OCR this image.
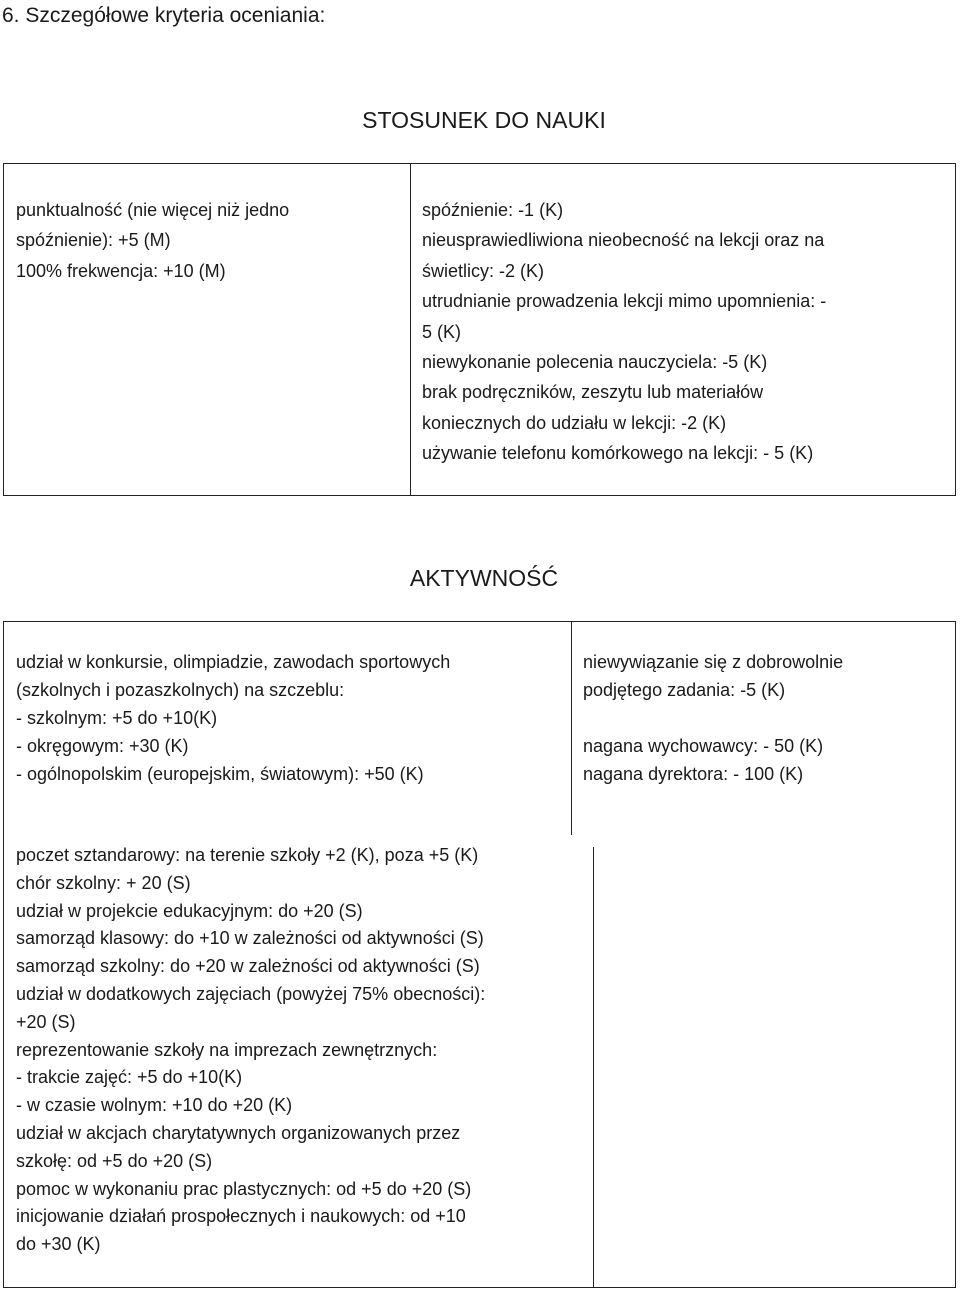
6. Szczegółowe kryteria oceniania:
STOSUNEK DO NAUKI
punktualność (nie więcej niż jedno
spóźnienie): +5 (M)
100% frekwencja: +10 (M)
spóźnienie: -1 (K)
nieusprawiedliwiona nieobecność na lekcji oraz na
świetlicy: -2 (K)
utrudnianie prowadzenia lekcji mimo upomnienia: -
5 (K)
niewykonanie polecenia nauczyciela: -5 (K)
brak podręczników, zeszytu lub materiałów
koniecznych do udziału w lekcji: -2 (K)
używanie telefonu komórkowego na lekcji: - 5 (K)
AKTYWNOŚĆ
udział w konkursie, olimpiadzie, zawodach sportowych
(szkolnych i pozaszkolnych) na szczeblu:
- szkolnym: +5 do +10(K)
- okręgowym: +30 (K)
- ogólnopolskim (europejskim, światowym): +50 (K)
niewywiązanie się z dobrowolnie
podjętego zadania: -5 (K)
nagana wychowawcy: - 50 (K)
nagana dyrektora: - 100 (K)
poczet sztandarowy: na terenie szkoły +2 (K), poza +5 (K)
chór szkolny: + 20 (S)
udział w projekcie edukacyjnym: do +20 (S)
samorząd klasowy: do +10 w zależności od aktywności (S)
samorząd szkolny: do +20 w zależności od aktywności (S)
udział w dodatkowych zajęciach (powyżej 75% obecności):
+20 (S)
reprezentowanie szkoły na imprezach zewnętrznych:
- trakcie zajęć: +5 do +10(K)
- w czasie wolnym: +10 do +20 (K)
udział w akcjach charytatywnych organizowanych przez
szkołę: od +5 do +20 (S)
pomoc w wykonaniu prac plastycznych: od +5 do +20 (S)
inicjowanie działań prospołecznych i naukowych: od +10
do +30 (K)
